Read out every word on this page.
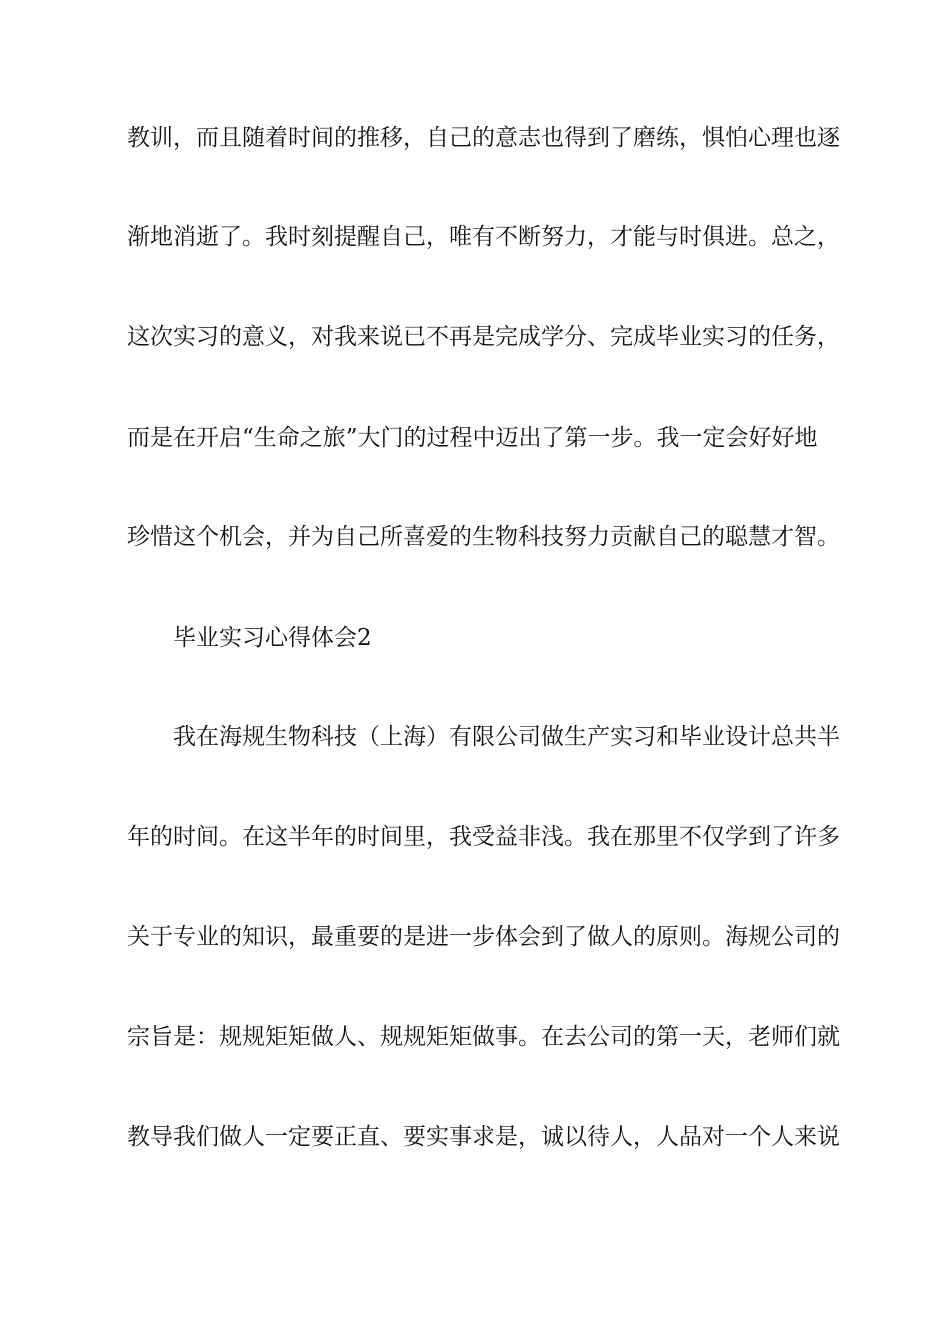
教训，而且随着时间的推移，自己的意志也得到了磨练，惧怕心理也逐
渐地消逝了。我时刻提醒自己，唯有不断努力，才能与时俱进。总之，
这次实习的意义，对我来说已不再是完成学分、完成毕业实习的任务，
而是在开启“生命之旅”大门的过程中迈出了第一步。我一定会好好地
珍惜这个机会，并为自己所喜爱的生物科技努力贡献自己的聪慧才智。
毕业实习心得体会2
我在海规生物科技（上海）有限公司做生产实习和毕业设计总共半
年的时间。在这半年的时间里，我受益非浅。我在那里不仅学到了许多
关于专业的知识，最重要的是进一步体会到了做人的原则。海规公司的
宗旨是：规规矩矩做人、规规矩矩做事。在去公司的第一天，老师们就
教导我们做人一定要正直、要实事求是，诚以待人，人品对一个人来说
